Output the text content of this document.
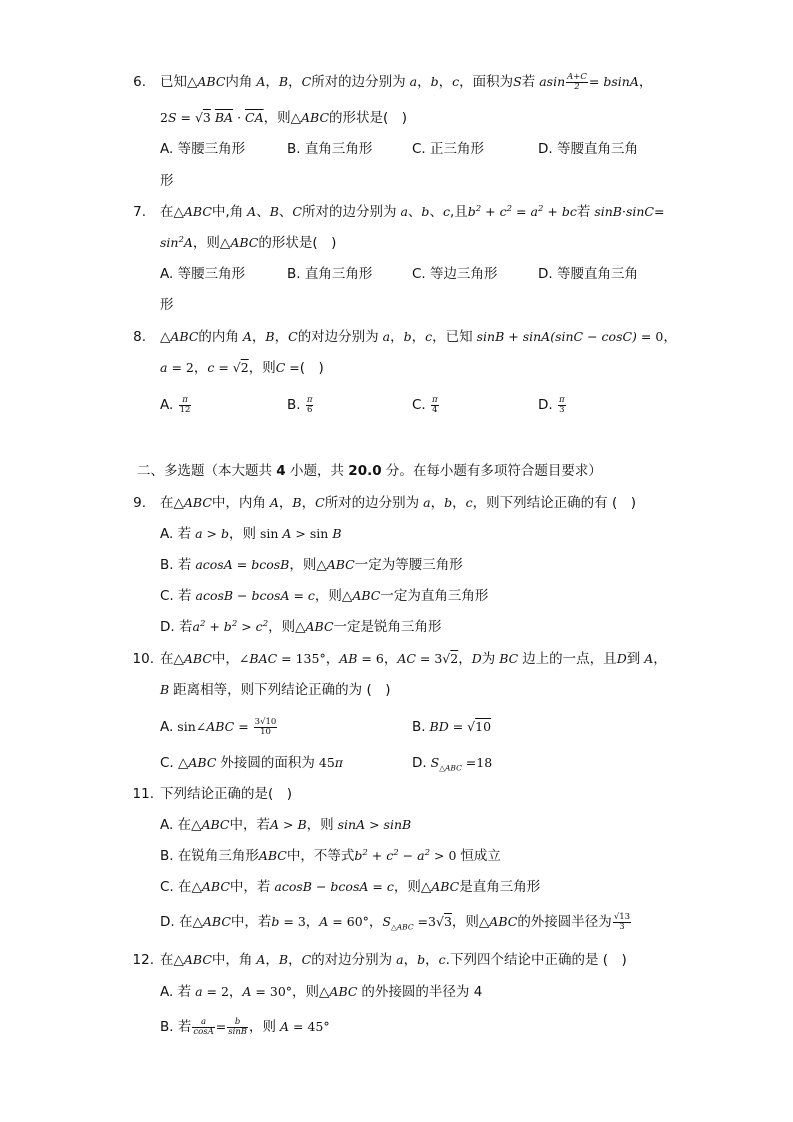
6. 已知△ABC内角 A，B，C所对的边分别为 a，b，c，面积为S若 asin $\frac{A+C}{2} = bsinA$，
2S = √3 $\overline{BA} \cdot \overline{CA}$，则△ABC的形状是(　)
A. 等腰三角形	B. 直角三角形	C. 正三角形	D. 等腰直角三角
形
7. 在△ABC中,角 A、B、C所对的边分别为 a、b、c,且$b^2 + c^2 = a^2$ + bc若 sinB·sinC=
$\sin^2A$，则△ABC的形状是(　)
A. 等腰三角形	B. 直角三角形	C. 等边三角形	D. 等腰直角三角
形
8. △ABC的内角 A，B，C的对边分别为 a，b，c，已知 sinB + sinA(sinC − cosC) = 0，
a = 2，c = √2，则C =(　)
A. $\frac{\pi}{12}$	B. $\frac{\pi}{6}$	C. $\frac{\pi}{4}$	D. $\frac{\pi}{3}$
二、多选题（本大题共 4 小题，共 20.0 分。在每小题有多项符合题目要求）
9. 在△ABC中，内角 A，B，C所对的边分别为 a，b，c，则下列结论正确的有 (　)
A. 若 a > b，则 sin A > sin B
B. 若 acosA = bcosB，则△ABC一定为等腰三角形
C. 若 acosB − bcosA = c，则△ABC一定为直角三角形
D. 若$a^2 + b^2 > c^2$，则△ABC一定是锐角三角形
10. 在△ABC中，∠BAC = 135°，AB = 6，AC = 3√2，D为 BC 边上的一点，且D到 A，
B 距离相等，则下列结论正确的为 (　)
A. sin∠ABC = $\frac{3√10}{10}$	B. BD = √10
C. △ABC 外接圆的面积为 45π	D. $S_{\triangle ABC} =18$
11. 下列结论正确的是(　)
A. 在△ABC中，若A > B，则 sinA > sinB
B. 在锐角三角形ABC中，不等式$b^2 + c^2 - a^2 > 0$ 恒成立
C. 在△ABC中，若 acosB − bcosA = c，则△ABC是直角三角形
D. 在△ABC中，若b = 3，A = 60°，$S_{\triangle ABC} =3√3$，则△ABC的外接圆半径为 $\frac{√13}{3}$
12. 在△ABC中，角 A，B，C的对边分别为 a，b，c.下列四个结论中正确的是 (　)
A. 若 a = 2，A = 30°，则△ABC 的外接圆的半径为 4
B. 若 $\frac{a}{\cos A} = \frac{b}{\sin B}$ ，则 A = 45°
